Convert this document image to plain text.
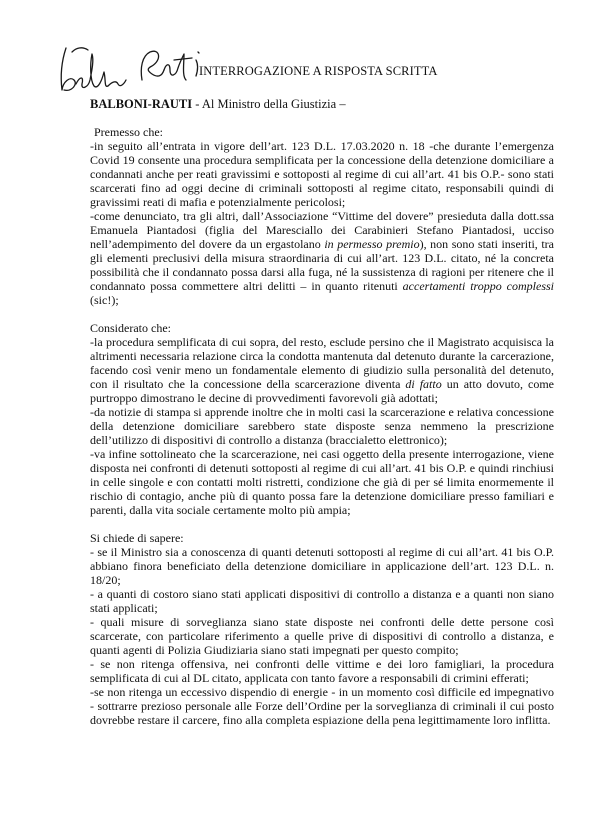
INTERROGAZIONE A RISPOSTA SCRITTA
BALBONI-RAUTI - Al Ministro della Giustizia –

Premesso che:

-in seguito all’entrata in vigore dell’art. 123 D.L. 17.03.2020 n. 18 -che durante l’emergenza Covid 19 consente una procedura semplificata per la concessione della detenzione domiciliare a condannati anche per reati gravissimi e sottoposti al regime di cui all’art. 41 bis O.P.- sono stati scarcerati fino ad oggi decine di criminali sottoposti al regime citato, responsabili quindi di gravissimi reati di mafia e potenzialmente pericolosi;

-come denunciato, tra gli altri, dall’Associazione “Vittime del dovere” presieduta dalla dott.ssa Emanuela Piantadosi (figlia del Maresciallo dei Carabinieri Stefano Piantadosi, ucciso nell’adempimento del dovere da un ergastolano in permesso premio), non sono stati inseriti, tra gli elementi preclusivi della misura straordinaria di cui all’art. 123 D.L. citato, né la concreta possibilità che il condannato possa darsi alla fuga, né la sussistenza di ragioni per ritenere che il condannato possa commettere altri delitti – in quanto ritenuti accertamenti troppo complessi (sic!);

Considerato che:

-la procedura semplificata di cui sopra, del resto, esclude persino che il Magistrato acquisisca la altrimenti necessaria relazione circa la condotta mantenuta dal detenuto durante la carcerazione, facendo così venir meno un fondamentale elemento di giudizio sulla personalità del detenuto, con il risultato che la concessione della scarcerazione diventa di fatto un atto dovuto, come purtroppo dimostrano le decine di provvedimenti favorevoli già adottati;

-da notizie di stampa si apprende inoltre che in molti casi la scarcerazione e relativa concessione della detenzione domiciliare sarebbero state disposte senza nemmeno la prescrizione dell’utilizzo di dispositivi di controllo a distanza (braccialetto elettronico);

-va infine sottolineato che la scarcerazione, nei casi oggetto della presente interrogazione, viene disposta nei confronti di detenuti sottoposti al regime di cui all’art. 41 bis O.P. e quindi rinchiusi in celle singole e con contatti molti ristretti, condizione che già di per sé limita enormemente il rischio di contagio, anche più di quanto possa fare la detenzione domiciliare presso familiari e parenti, dalla vita sociale certamente molto più ampia;

Si chiede di sapere:

- se il Ministro sia a conoscenza di quanti detenuti sottoposti al regime di cui all’art. 41 bis O.P. abbiano finora beneficiato della detenzione domiciliare in applicazione dell’art. 123 D.L. n. 18/20;

- a quanti di costoro siano stati applicati dispositivi di controllo a distanza e a quanti non siano stati applicati;

- quali misure di sorveglianza siano state disposte nei confronti delle dette persone così scarcerate, con particolare riferimento a quelle prive di dispositivi di controllo a distanza, e quanti agenti di Polizia Giudiziaria siano stati impegnati per questo compito;

- se non ritenga offensiva, nei confronti delle vittime e dei loro famigliari, la procedura semplificata di cui al DL citato, applicata con tanto favore a responsabili di crimini efferati;

-se non ritenga un eccessivo dispendio di energie - in un momento così difficile ed impegnativo - sottrarre prezioso personale alle Forze dell’Ordine per la sorveglianza di criminali il cui posto dovrebbe restare il carcere, fino alla completa espiazione della pena legittimamente loro inflitta.
